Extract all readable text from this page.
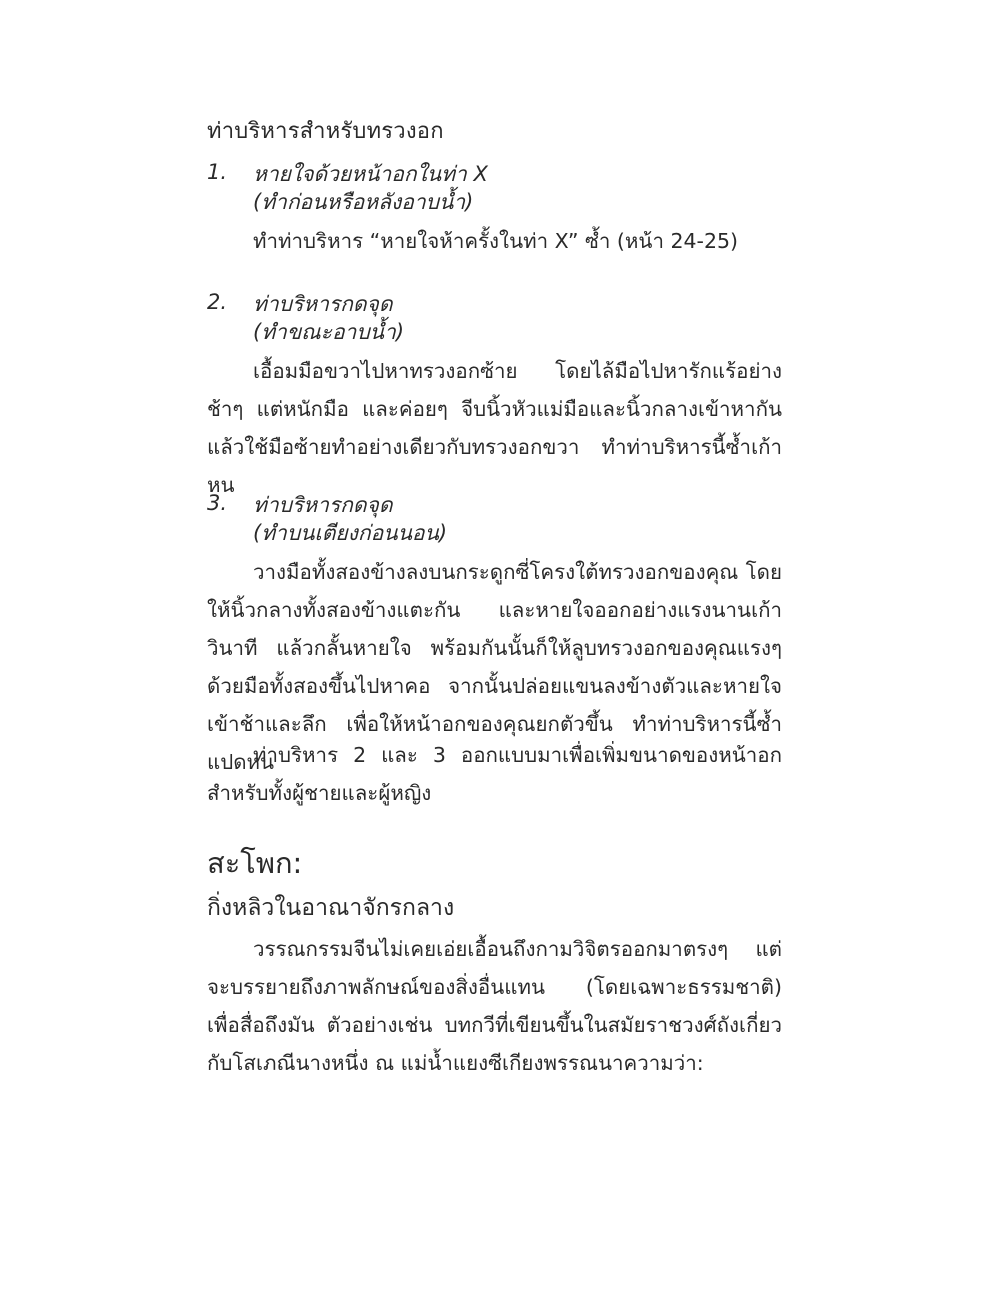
ท่าบริหารสำหรับทรวงอก
1.	หายใจด้วยหน้าอกในท่า X
(ทำก่อนหรือหลังอาบน้ำ)

ทำท่าบริหาร “หายใจห้าครั้งในท่า X” ซ้ำ (หน้า 24-25)

2.	ท่าบริหารกดจุด
(ทำขณะอาบน้ำ)

เอื้อมมือขวาไปหาทรวงอกซ้าย โดยไล้มือไปหารักแร้อย่างช้าๆ แต่หนักมือ และค่อยๆ จีบนิ้วหัวแม่มือและนิ้วกลางเข้าหากัน แล้วใช้มือซ้ายทำอย่างเดียวกับทรวงอกขวา ทำท่าบริหารนี้ซ้ำเก้าหน

3.	ท่าบริหารกดจุด
(ทำบนเตียงก่อนนอน)

วางมือทั้งสองข้างลงบนกระดูกซี่โครงใต้ทรวงอกของคุณ โดยให้นิ้วกลางทั้งสองข้างแตะกัน และหายใจออกอย่างแรงนานเก้าวินาที แล้วกลั้นหายใจ พร้อมกันนั้นก็ให้ลูบทรวงอกของคุณแรงๆ ด้วยมือทั้งสองขึ้นไปหาคอ จากนั้นปล่อยแขนลงข้างตัวและหายใจเข้าช้าและลึก เพื่อให้หน้าอกของคุณยกตัวขึ้น ทำท่าบริหารนี้ซ้ำแปดหน

ท่าบริหาร 2 และ 3 ออกแบบมาเพื่อเพิ่มขนาดของหน้าอกสำหรับทั้งผู้ชายและผู้หญิง

สะโพก:
กิ่งหลิวในอาณาจักรกลาง

วรรณกรรมจีนไม่เคยเอ่ยเอื้อนถึงกามวิจิตรออกมาตรงๆ แต่จะบรรยายถึงภาพลักษณ์ของสิ่งอื่นแทน (โดยเฉพาะธรรมชาติ) เพื่อสื่อถึงมัน ตัวอย่างเช่น บทกวีที่เขียนขึ้นในสมัยราชวงศ์ถังเกี่ยวกับโสเภณีนางหนึ่ง ณ แม่น้ำแยงซีเกียงพรรณนาความว่า:
